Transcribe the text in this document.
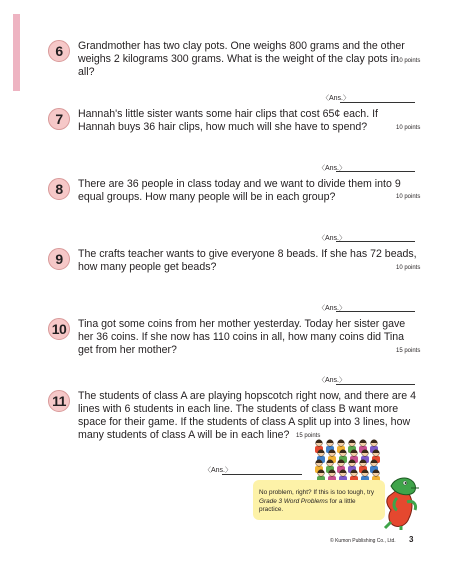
6	Grandmother has two clay pots. One weighs 800 grams and the other weighs 2 kilograms 300 grams. What is the weight of the clay pots in all?
10 points
〈Ans.〉
7	Hannah's little sister wants some hair clips that cost 65¢ each. If Hannah buys 36 hair clips, how much will she have to spend?	10 points
〈Ans.〉
8	There are 36 people in class today and we want to divide them into 9 equal groups. How many people will be in each group?	10 points
〈Ans.〉
9	The crafts teacher wants to give everyone 8 beads. If she has 72 beads, how many people get beads?	10 points
〈Ans.〉
10	Tina got some coins from her mother yesterday. Today her sister gave her 36 coins. If she now has 110 coins in all, how many coins did Tina get from her mother?	15 points
〈Ans.〉
11	The students of class A are playing hopscotch right now, and there are 4 lines with 6 students in each line. The students of class B want more space for their game. If the students of class A split up into 3 lines, how many students of class A will be in each line?	15 points
〈Ans.〉
No problem, right? If this is too tough, try Grade 3 Word Problems for a little practice.
© Kumon Publishing Co., Ltd. 3
